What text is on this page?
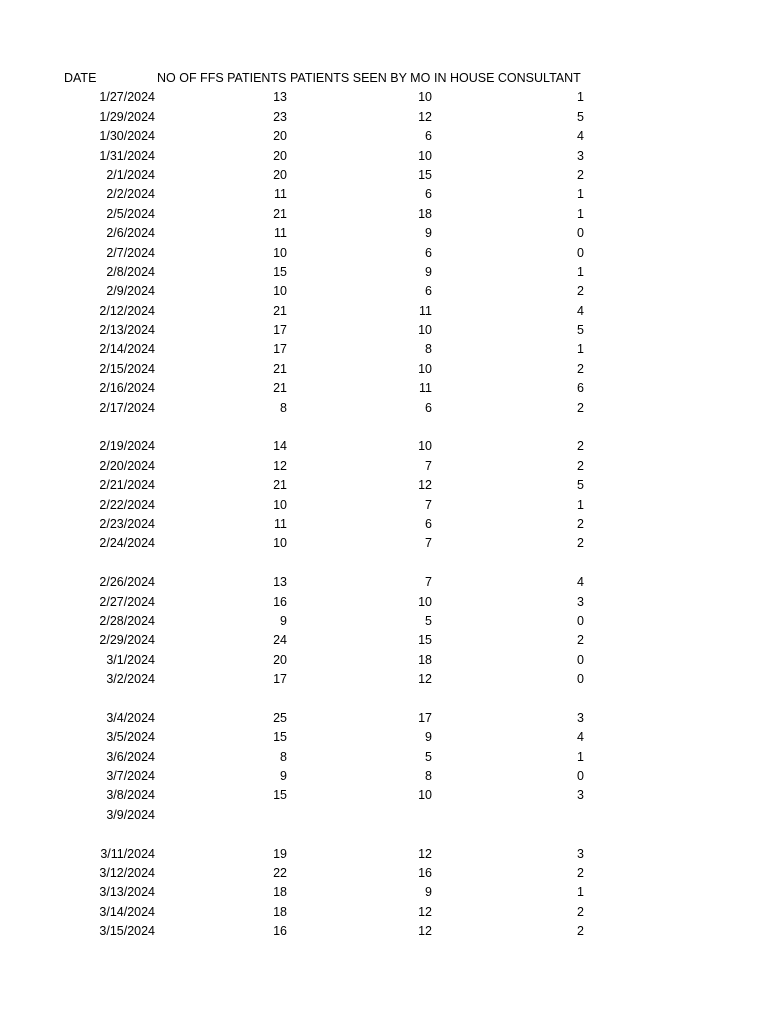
DATE	NO OF FFS PATIENTS PATIENTS SEEN BY MO IN HOUSE CONSULTANT
1/27/2024	13	10	1
1/29/2024	23	12	5
1/30/2024	20	6	4
1/31/2024	20	10	3
2/1/2024	20	15	2
2/2/2024	11	6	1
2/5/2024	21	18	1
2/6/2024	11	9	0
2/7/2024	10	6	0
2/8/2024	15	9	1
2/9/2024	10	6	2
2/12/2024	21	11	4
2/13/2024	17	10	5
2/14/2024	17	8	1
2/15/2024	21	10	2
2/16/2024	21	11	6
2/17/2024	8	6	2
2/19/2024	14	10	2
2/20/2024	12	7	2
2/21/2024	21	12	5
2/22/2024	10	7	1
2/23/2024	11	6	2
2/24/2024	10	7	2
2/26/2024	13	7	4
2/27/2024	16	10	3
2/28/2024	9	5	0
2/29/2024	24	15	2
3/1/2024	20	18	0
3/2/2024	17	12	0
3/4/2024	25	17	3
3/5/2024	15	9	4
3/6/2024	8	5	1
3/7/2024	9	8	0
3/8/2024	15	10	3
3/9/2024
3/11/2024	19	12	3
3/12/2024	22	16	2
3/13/2024	18	9	1
3/14/2024	18	12	2
3/15/2024	16	12	2
